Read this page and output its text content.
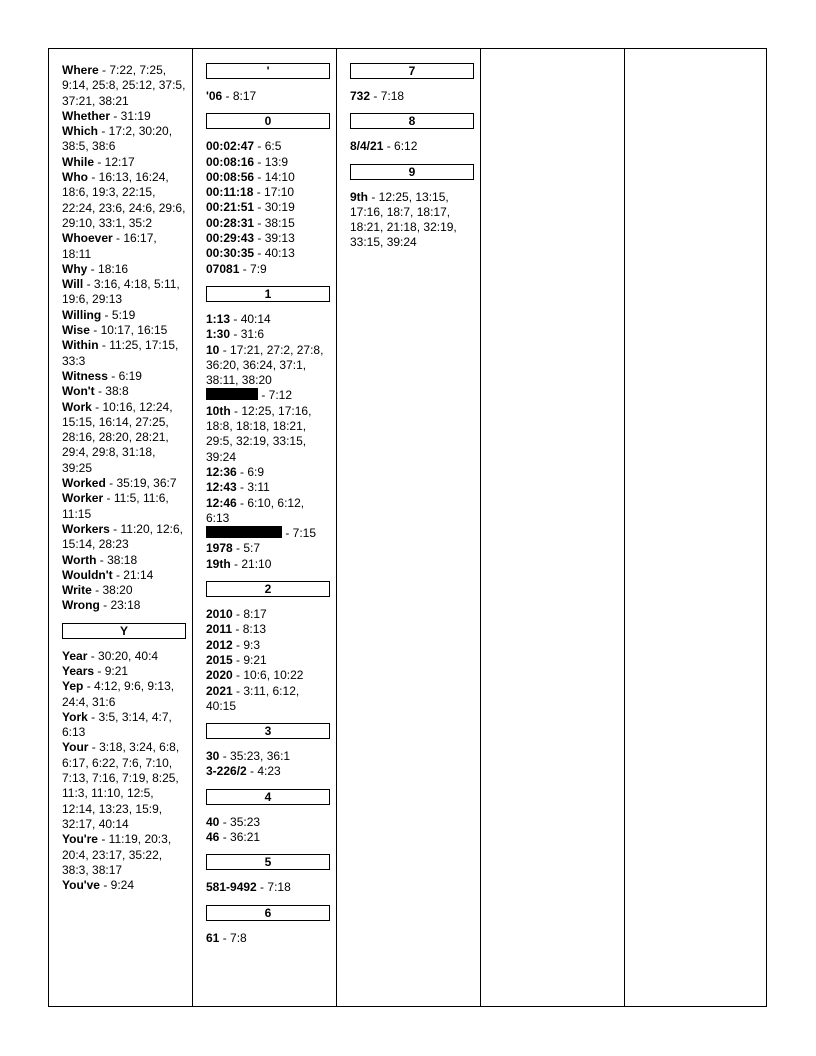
Where - 7:22, 7:25, 9:14, 25:8, 25:12, 37:5, 37:21, 38:21
Whether - 31:19
Which - 17:2, 30:20, 38:5, 38:6
While - 12:17
Who - 16:13, 16:24, 18:6, 19:3, 22:15, 22:24, 23:6, 24:6, 29:6, 29:10, 33:1, 35:2
Whoever - 16:17, 18:11
Why - 18:16
Will - 3:16, 4:18, 5:11, 19:6, 29:13
Willing - 5:19
Wise - 10:17, 16:15
Within - 11:25, 17:15, 33:3
Witness - 6:19
Won't - 38:8
Work - 10:16, 12:24, 15:15, 16:14, 27:25, 28:16, 28:20, 28:21, 29:4, 29:8, 31:18, 39:25
Worked - 35:19, 36:7
Worker - 11:5, 11:6, 11:15
Workers - 11:20, 12:6, 15:14, 28:23
Worth - 38:18
Wouldn't - 21:14
Write - 38:20
Wrong - 23:18
Y
Year - 30:20, 40:4
Years - 9:21
Yep - 4:12, 9:6, 9:13, 24:4, 31:6
York - 3:5, 3:14, 4:7, 6:13
Your - 3:18, 3:24, 6:8, 6:17, 6:22, 7:6, 7:10, 7:13, 7:16, 7:19, 8:25, 11:3, 11:10, 12:5, 12:14, 13:23, 15:9, 32:17, 40:14
You're - 11:19, 20:3, 20:4, 23:17, 35:22, 38:3, 38:17
You've - 9:24
'
'06 - 8:17
0
00:02:47 - 6:5
00:08:16 - 13:9
00:08:56 - 14:10
00:11:18 - 17:10
00:21:51 - 30:19
00:28:31 - 38:15
00:29:43 - 39:13
00:30:35 - 40:13
07081 - 7:9
1
1:13 - 40:14
1:30 - 31:6
10 - 17:21, 27:2, 27:8, 36:20, 36:24, 37:1, 38:11, 38:20
- 7:12
10th - 12:25, 17:16, 18:8, 18:18, 18:21, 29:5, 32:19, 33:15, 39:24
12:36 - 6:9
12:43 - 3:11
12:46 - 6:10, 6:12, 6:13
- 7:15
1978 - 5:7
19th - 21:10
2
2010 - 8:17
2011 - 8:13
2012 - 9:3
2015 - 9:21
2020 - 10:6, 10:22
2021 - 3:11, 6:12, 40:15
3
30 - 35:23, 36:1
3-226/2 - 4:23
4
40 - 35:23
46 - 36:21
5
581-9492 - 7:18
6
61 - 7:8
7
732 - 7:18
8
8/4/21 - 6:12
9
9th - 12:25, 13:15, 17:16, 18:7, 18:17, 18:21, 21:18, 32:19, 33:15, 39:24
